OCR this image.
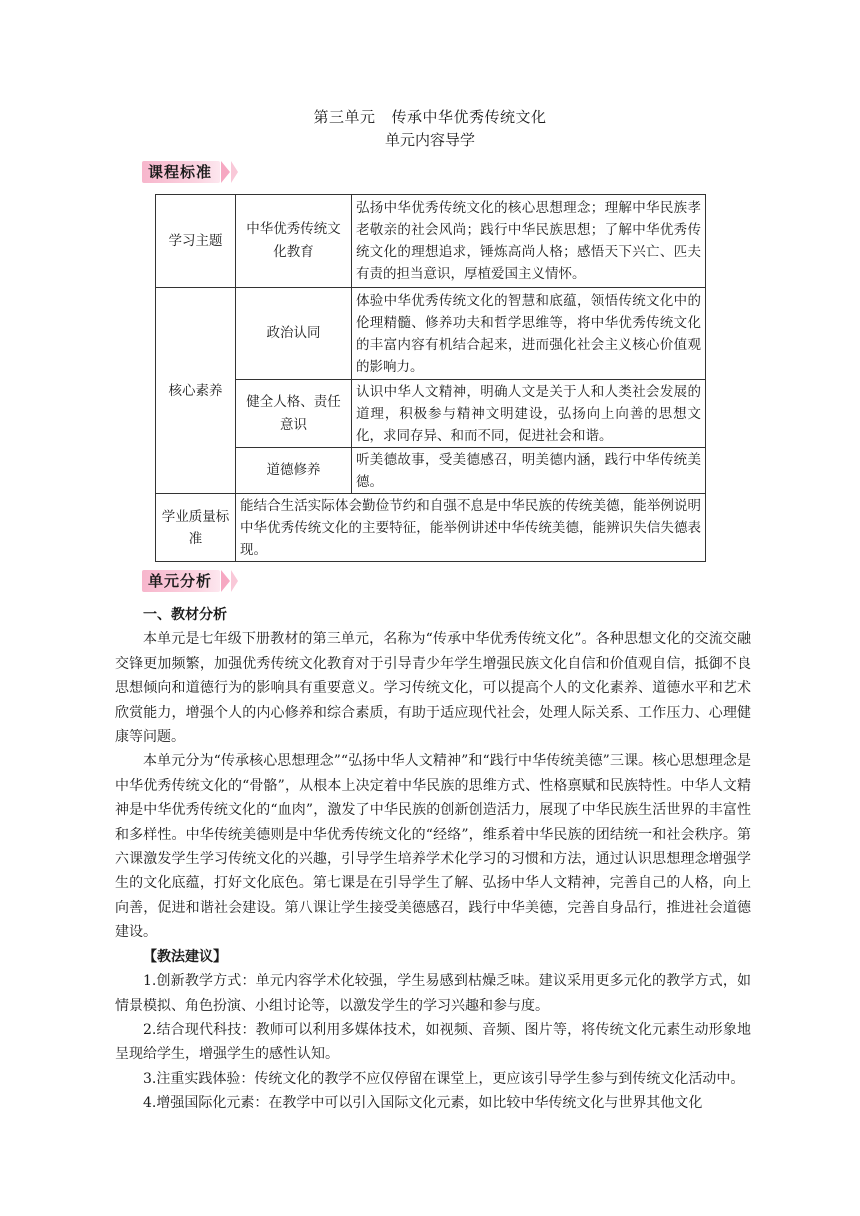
第三单元 传承中华优秀传统文化
单元内容导学
课程标准
学习主题	中华优秀传统文化教育	弘扬中华优秀传统文化的核心思想理念；理解中华民族孝老敬亲的社会风尚；践行中华民族思想；了解中华优秀传统文化的理想追求，锤炼高尚人格；感悟天下兴亡、匹夫有责的担当意识，厚植爱国主义情怀。
核心素养	政治认同	体验中华优秀传统文化的智慧和底蕴，领悟传统文化中的伦理精髓、修养功夫和哲学思维等，将中华优秀传统文化的丰富内容有机结合起来，进而强化社会主义核心价值观的影响力。
	健全人格、责任意识	认识中华人文精神，明确人文是关于人和人类社会发展的道理，积极参与精神文明建设，弘扬向上向善的思想文化，求同存异、和而不同，促进社会和谐。
	道德修养	听美德故事，受美德感召，明美德内涵，践行中华传统美德。
学业质量标准	能结合生活实际体会勤俭节约和自强不息是中华民族的传统美德，能举例说明中华优秀传统文化的主要特征，能举例讲述中华传统美德，能辨识失信失德表现。	
单元分析
一、教材分析

本单元是七年级下册教材的第三单元，名称为“传承中华优秀传统文化”。各种思想文化的交流交融交锋更加频繁，加强优秀传统文化教育对于引导青少年学生增强民族文化自信和价值观自信，抵御不良思想倾向和道德行为的影响具有重要意义。学习传统文化，可以提高个人的文化素养、道德水平和艺术欣赏能力，增强个人的内心修养和综合素质，有助于适应现代社会，处理人际关系、工作压力、心理健康等问题。

本单元分为“传承核心思想理念”“弘扬中华人文精神”和“践行中华传统美德”三课。核心思想理念是中华优秀传统文化的“骨骼”，从根本上决定着中华民族的思维方式、性格禀赋和民族特性。中华人文精神是中华优秀传统文化的“血肉”，激发了中华民族的创新创造活力，展现了中华民族生活世界的丰富性和多样性。中华传统美德则是中华优秀传统文化的“经络”，维系着中华民族的团结统一和社会秩序。第六课激发学生学习传统文化的兴趣，引导学生培养学术化学习的习惯和方法，通过认识思想理念增强学生的文化底蕴，打好文化底色。第七课是在引导学生了解、弘扬中华人文精神，完善自己的人格，向上向善，促进和谐社会建设。第八课让学生接受美德感召，践行中华美德，完善自身品行，推进社会道德建设。

【教法建议】

1.创新教学方式：单元内容学术化较强，学生易感到枯燥乏味。建议采用更多元化的教学方式，如情景模拟、角色扮演、小组讨论等，以激发学生的学习兴趣和参与度。

2.结合现代科技：教师可以利用多媒体技术，如视频、音频、图片等，将传统文化元素生动形象地呈现给学生，增强学生的感性认知。

3.注重实践体验：传统文化的教学不应仅停留在课堂上，更应该引导学生参与到传统文化活动中。

4.增强国际化元素：在教学中可以引入国际文化元素，如比较中华传统文化与世界其他文化
